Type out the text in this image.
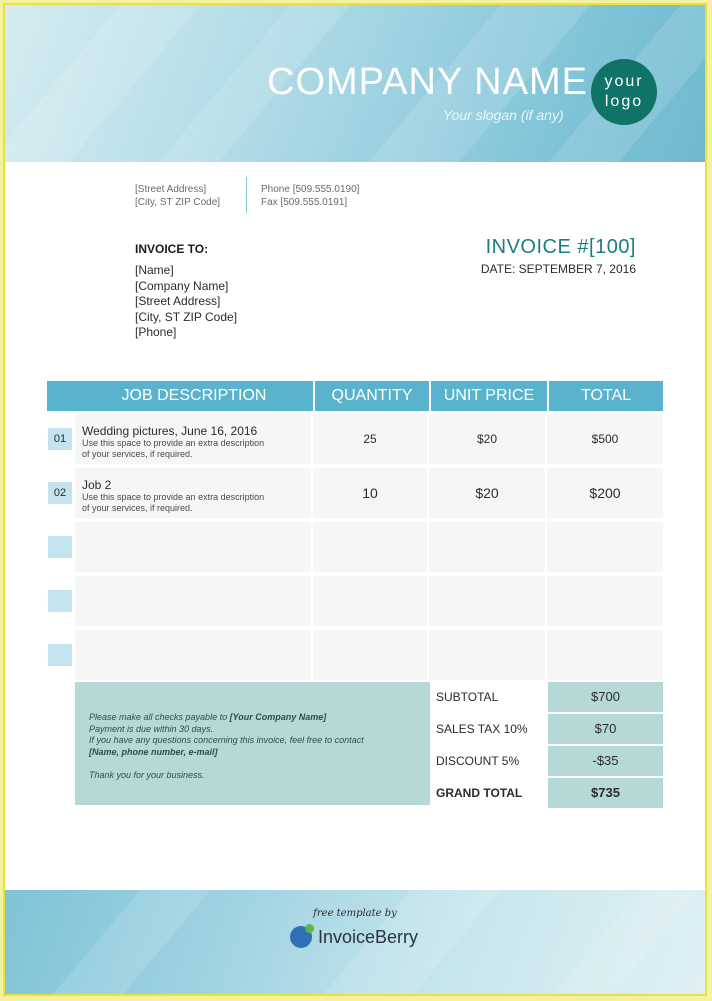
COMPANY NAME
Your slogan (if any)
your
logo
[Street Address]
[City, ST ZIP Code]
Phone [509.555.0190]
Fax [509.555.0191]
INVOICE TO:
[Name]
[Company Name]
[Street Address]
[City, ST ZIP Code]
[Phone]
INVOICE #[100]
DATE: SEPTEMBER 7, 2016
JOB DESCRIPTION	QUANTITY	UNIT PRICE	TOTAL
01
Wedding pictures, June 16, 2016
Use this space to provide an extra description
of your services, if required.
25	$20	$500
02
Job 2
Use this space to provide an extra description
of your services, if required.
10	$20	$200
Please make all checks payable to [Your Company Name]
Payment is due within 30 days.
If you have any questions concerning this invoice, feel free to contact
[Name, phone number, e-mail]

Thank you for your business.
SUBTOTAL	$700
SALES TAX 10%	$70
DISCOUNT 5%	-$35
GRAND TOTAL	$735
free template by
InvoiceBerry
